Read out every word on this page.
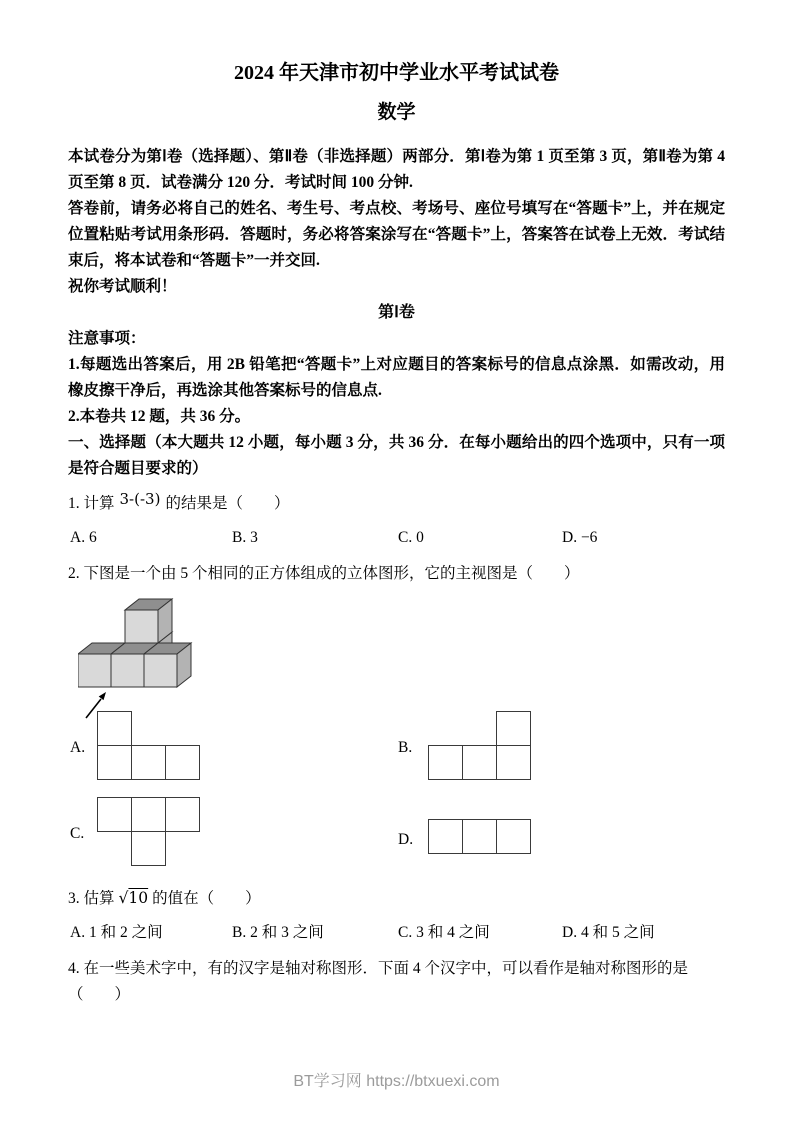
2024 年天津市初中学业水平考试试卷
数学

本试卷分为第Ⅰ卷（选择题）、第Ⅱ卷（非选择题）两部分．第Ⅰ卷为第 1 页至第 3 页，第Ⅱ卷为第 4 页至第 8 页．试卷满分 120 分．考试时间 100 分钟.

答卷前，请务必将自己的姓名、考生号、考点校、考场号、座位号填写在“答题卡”上，并在规定位置粘贴考试用条形码．答题时，务必将答案涂写在“答题卡”上，答案答在试卷上无效．考试结束后，将本试卷和“答题卡”一并交回.

祝你考试顺利！

第Ⅰ卷

注意事项：

1.每题选出答案后，用 2B 铅笔把“答题卡”上对应题目的答案标号的信息点涂黑．如需改动，用橡皮擦干净后，再选涂其他答案标号的信息点.

2.本卷共 12 题，共 36 分。

一、选择题（本大题共 12 小题，每小题 3 分，共 36 分．在每小题给出的四个选项中，只有一项是符合题目要求的）

1. 计算 3-(-3) 的结果是（　　）

A. 6	B. 3	C. 0	D. −6

2. 下图是一个由 5 个相同的正方体组成的立体图形，它的主视图是（　　）

A.	B.
C.	D.

3. 估算 √10 的值在（　　）

A. 1 和 2 之间	B. 2 和 3 之间	C. 3 和 4 之间	D. 4 和 5 之间

4. 在一些美术字中，有的汉字是轴对称图形．下面 4 个汉字中，可以看作是轴对称图形的是（　　）

BT学习网 https://btxuexi.com
